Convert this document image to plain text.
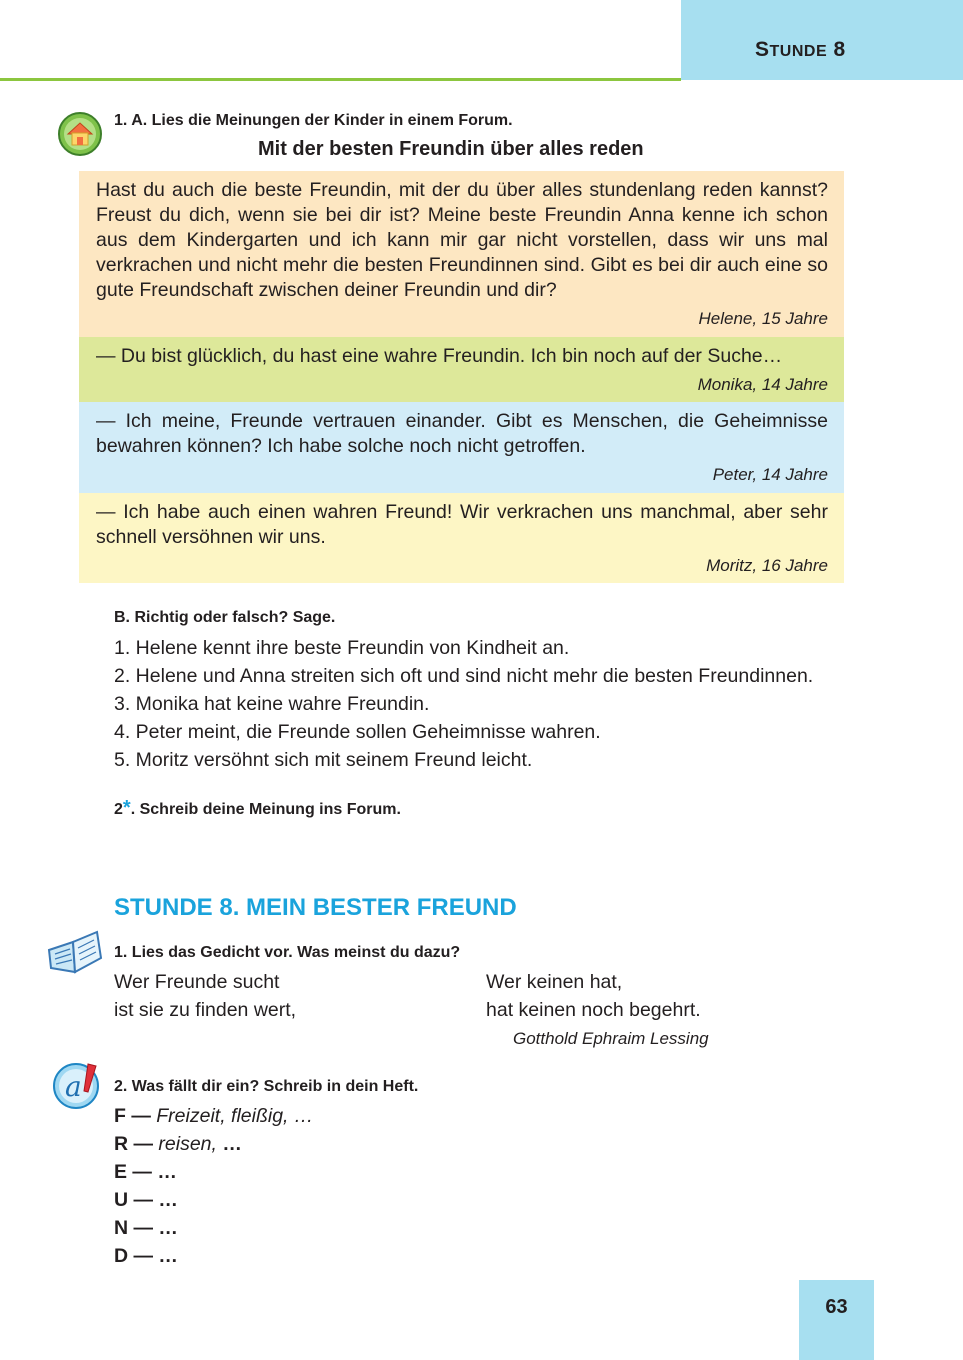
STUNDE 8
1. A. Lies die Meinungen der Kinder in einem Forum.
Mit der besten Freundin über alles reden
Hast du auch die beste Freundin, mit der du über alles stundenlang reden kannst? Freust du dich, wenn sie bei dir ist? Meine beste Freundin Anna kenne ich schon aus dem Kindergarten und ich kann mir gar nicht vorstellen, dass wir uns mal verkrachen und nicht mehr die besten Freundinnen sind. Gibt es bei dir auch eine so gute Freundschaft zwischen deiner Freundin und dir?
Helene, 15 Jahre
— Du bist glücklich, du hast eine wahre Freundin. Ich bin noch auf der Suche…
Monika, 14 Jahre
— Ich meine, Freunde vertrauen einander. Gibt es Menschen, die Geheimnisse bewahren können? Ich habe solche noch nicht getroffen.
Peter, 14 Jahre
— Ich habe auch einen wahren Freund! Wir verkrachen uns manchmal, aber sehr schnell versöhnen wir uns.
Moritz, 16 Jahre
B. Richtig oder falsch? Sage.
1. Helene kennt ihre beste Freundin von Kindheit an.
2. Helene und Anna streiten sich oft und sind nicht mehr die besten Freundinnen.
3. Monika hat keine wahre Freundin.
4. Peter meint, die Freunde sollen Geheimnisse wahren.
5. Moritz versöhnt sich mit seinem Freund leicht.
2*. Schreib deine Meinung ins Forum.
STUNDE 8. MEIN BESTER FREUND
1. Lies das Gedicht vor. Was meinst du dazu?
Wer Freunde sucht
ist sie zu finden wert,
Wer keinen hat,
hat keinen noch begehrt.
Gotthold Ephraim Lessing
a 2. Was fällt dir ein? Schreib in dein Heft.
F — Freizeit, fleißig, …
R — reisen, …
E — …
U — …
N — …
D — …
63
